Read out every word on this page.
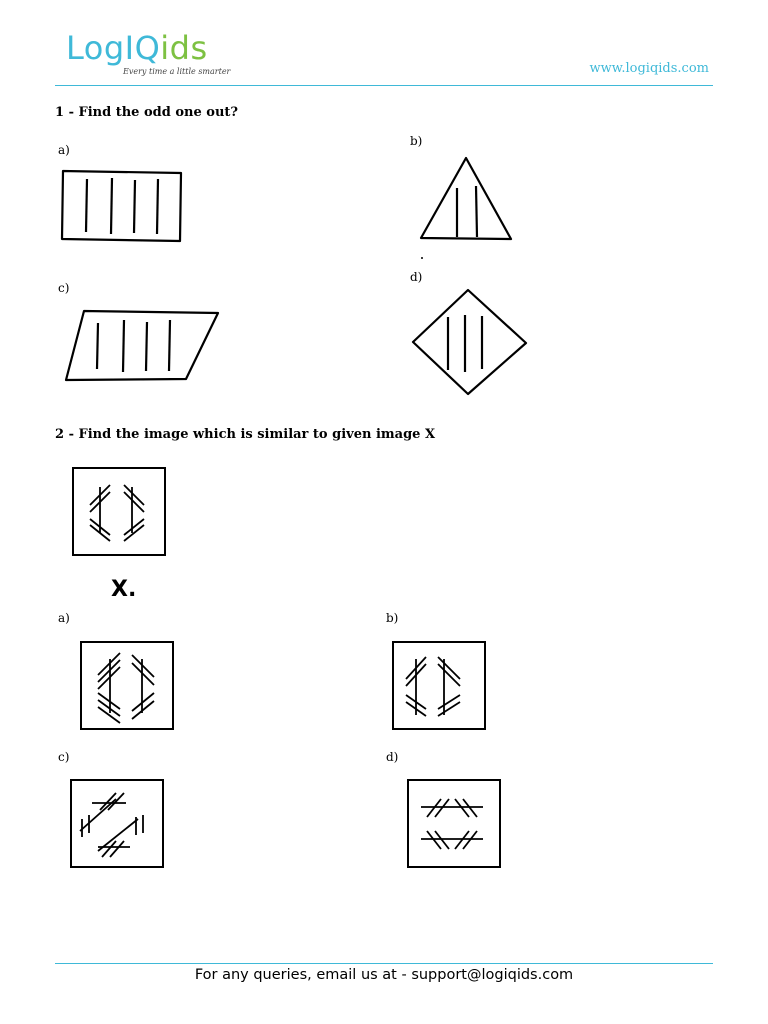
LogIQids
Every time a little smarter	www.logiqids.com
1 - Find the odd one out?
a)
b)
c)
d)
2 - Find the image which is similar to given image X
X.
a)	b)
c)	d)
For any queries, email us at - support@logiqids.com
